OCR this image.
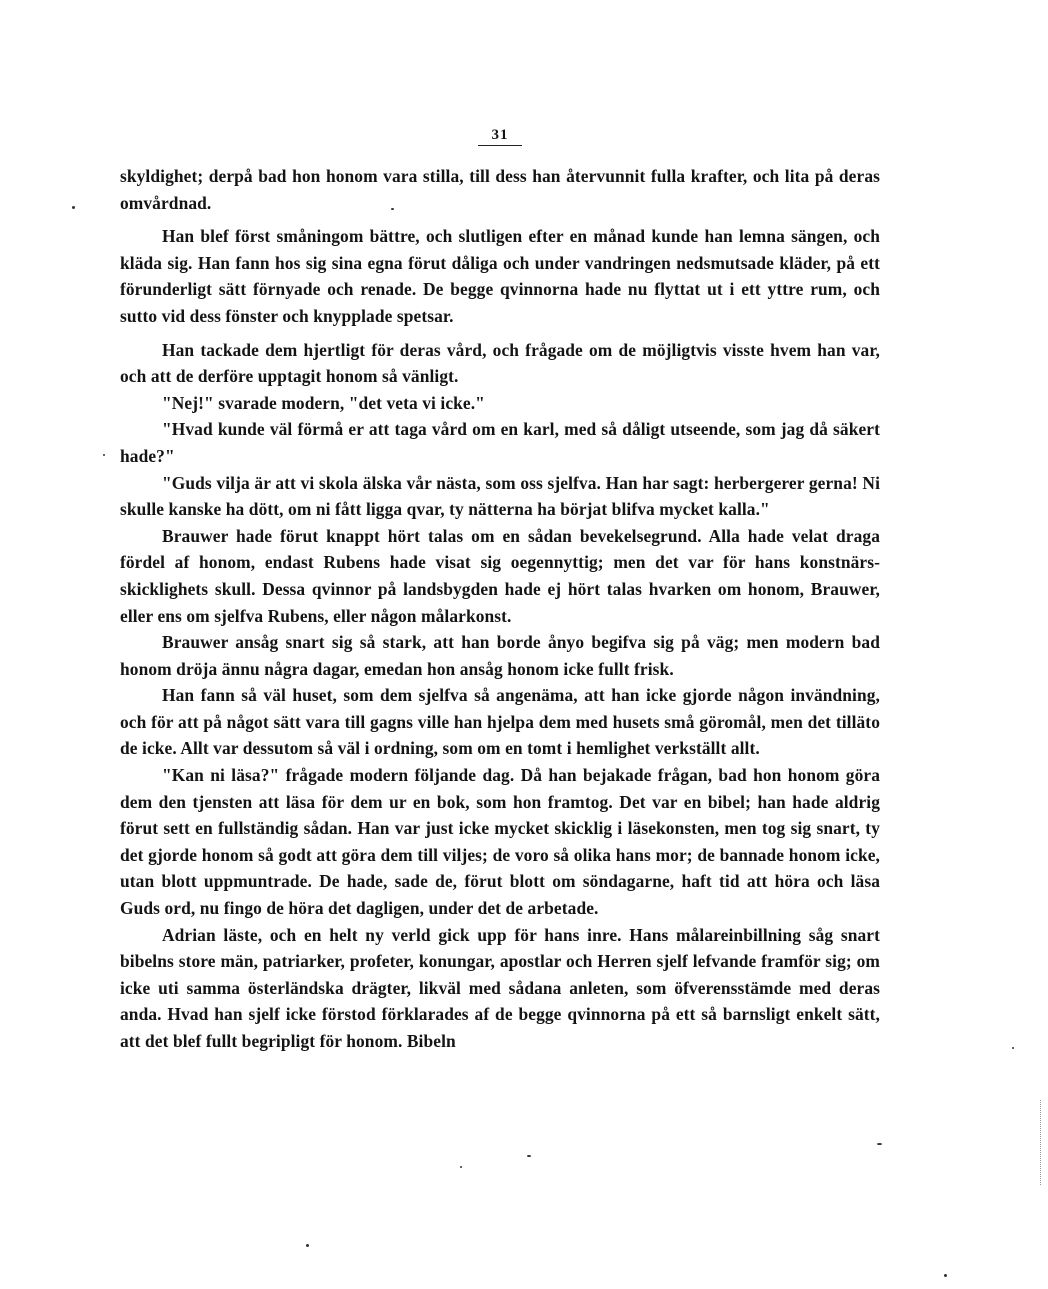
31

skyldighet; derpå bad hon honom vara stilla, till dess han återvunnit fulla krafter, och lita på deras omvårdnad.

Han blef först småningom bättre, och slutligen efter en månad kunde han lemna sängen, och kläda sig. Han fann hos sig sina egna förut dåliga och under vandringen nedsmutsade kläder, på ett förunderligt sätt förnyade och renade. De begge qvinnorna hade nu flyttat ut i ett yttre rum, och sutto vid dess fönster och knypplade spetsar.

Han tackade dem hjertligt för deras vård, och frågade om de möjligtvis visste hvem han var, och att de derföre upptagit honom så vänligt.

"Nej!" svarade modern, "det veta vi icke."

"Hvad kunde väl förmå er att taga vård om en karl, med så dåligt utseende, som jag då säkert hade?"

"Guds vilja är att vi skola älska vår nästa, som oss sjelfva. Han har sagt: herbergerer gerna! Ni skulle kanske ha dött, om ni fått ligga qvar, ty nätterna ha börjat blifva mycket kalla."

Brauwer hade förut knappt hört talas om en sådan bevekelsegrund. Alla hade velat draga fördel af honom, endast Rubens hade visat sig oegennyttig; men det var för hans konstnärs-skicklighets skull. Dessa qvinnor på landsbygden hade ej hört talas hvarken om honom, Brauwer, eller ens om sjelfva Rubens, eller någon målarkonst.

Brauwer ansåg snart sig så stark, att han borde ånyo begifva sig på väg; men modern bad honom dröja ännu några dagar, emedan hon ansåg honom icke fullt frisk.

Han fann så väl huset, som dem sjelfva så angenäma, att han icke gjorde någon invändning, och för att på något sätt vara till gagns ville han hjelpa dem med husets små göromål, men det tilläto de icke. Allt var dessutom så väl i ordning, som om en tomt i hemlighet verkställt allt.

"Kan ni läsa?" frågade modern följande dag. Då han bejakade frågan, bad hon honom göra dem den tjensten att läsa för dem ur en bok, som hon framtog. Det var en bibel; han hade aldrig förut sett en fullständig sådan. Han var just icke mycket skicklig i läsekonsten, men tog sig snart, ty det gjorde honom så godt att göra dem till viljes; de voro så olika hans mor; de bannade honom icke, utan blott uppmuntrade. De hade, sade de, förut blott om söndagarne, haft tid att höra och läsa Guds ord, nu fingo de höra det dagligen, under det de arbetade.

Adrian läste, och en helt ny verld gick upp för hans inre. Hans målareinbillning såg snart bibelns store män, patriarker, profeter, konungar, apostlar och Herren sjelf lefvande framför sig; om icke uti samma österländska drägter, likväl med sådana anleten, som öfverensstämde med deras anda. Hvad han sjelf icke förstod förklarades af de begge qvinnorna på ett så barnsligt enkelt sätt, att det blef fullt begripligt för honom. Bibeln
